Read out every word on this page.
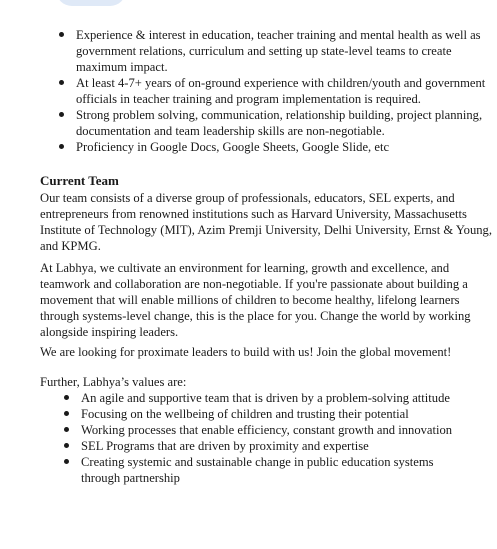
Experience & interest in education, teacher training and mental health as well as government relations, curriculum and setting up state-level teams to create maximum impact.
At least 4-7+ years of on-ground experience with children/youth and government officials in teacher training and program implementation is required.
Strong problem solving, communication, relationship building, project planning, documentation and team leadership skills are non-negotiable.
Proficiency in Google Docs, Google Sheets, Google Slide, etc
Current Team

Our team consists of a diverse group of professionals, educators, SEL experts, and entrepreneurs from renowned institutions such as Harvard University, Massachusetts Institute of Technology (MIT), Azim Premji University, Delhi University, Ernst & Young, and KPMG.

At Labhya, we cultivate an environment for learning, growth and excellence, and teamwork and collaboration are non-negotiable. If you're passionate about building a movement that will enable millions of children to become healthy, lifelong learners through systems-level change, this is the place for you. Change the world by working alongside inspiring leaders.

We are looking for proximate leaders to build with us! Join the global movement!

Further, Labhya’s values are:

An agile and supportive team that is driven by a problem-solving attitude
Focusing on the wellbeing of children and trusting their potential
Working processes that enable efficiency, constant growth and innovation
SEL Programs that are driven by proximity and expertise
Creating systemic and sustainable change in public education systems through partnership
